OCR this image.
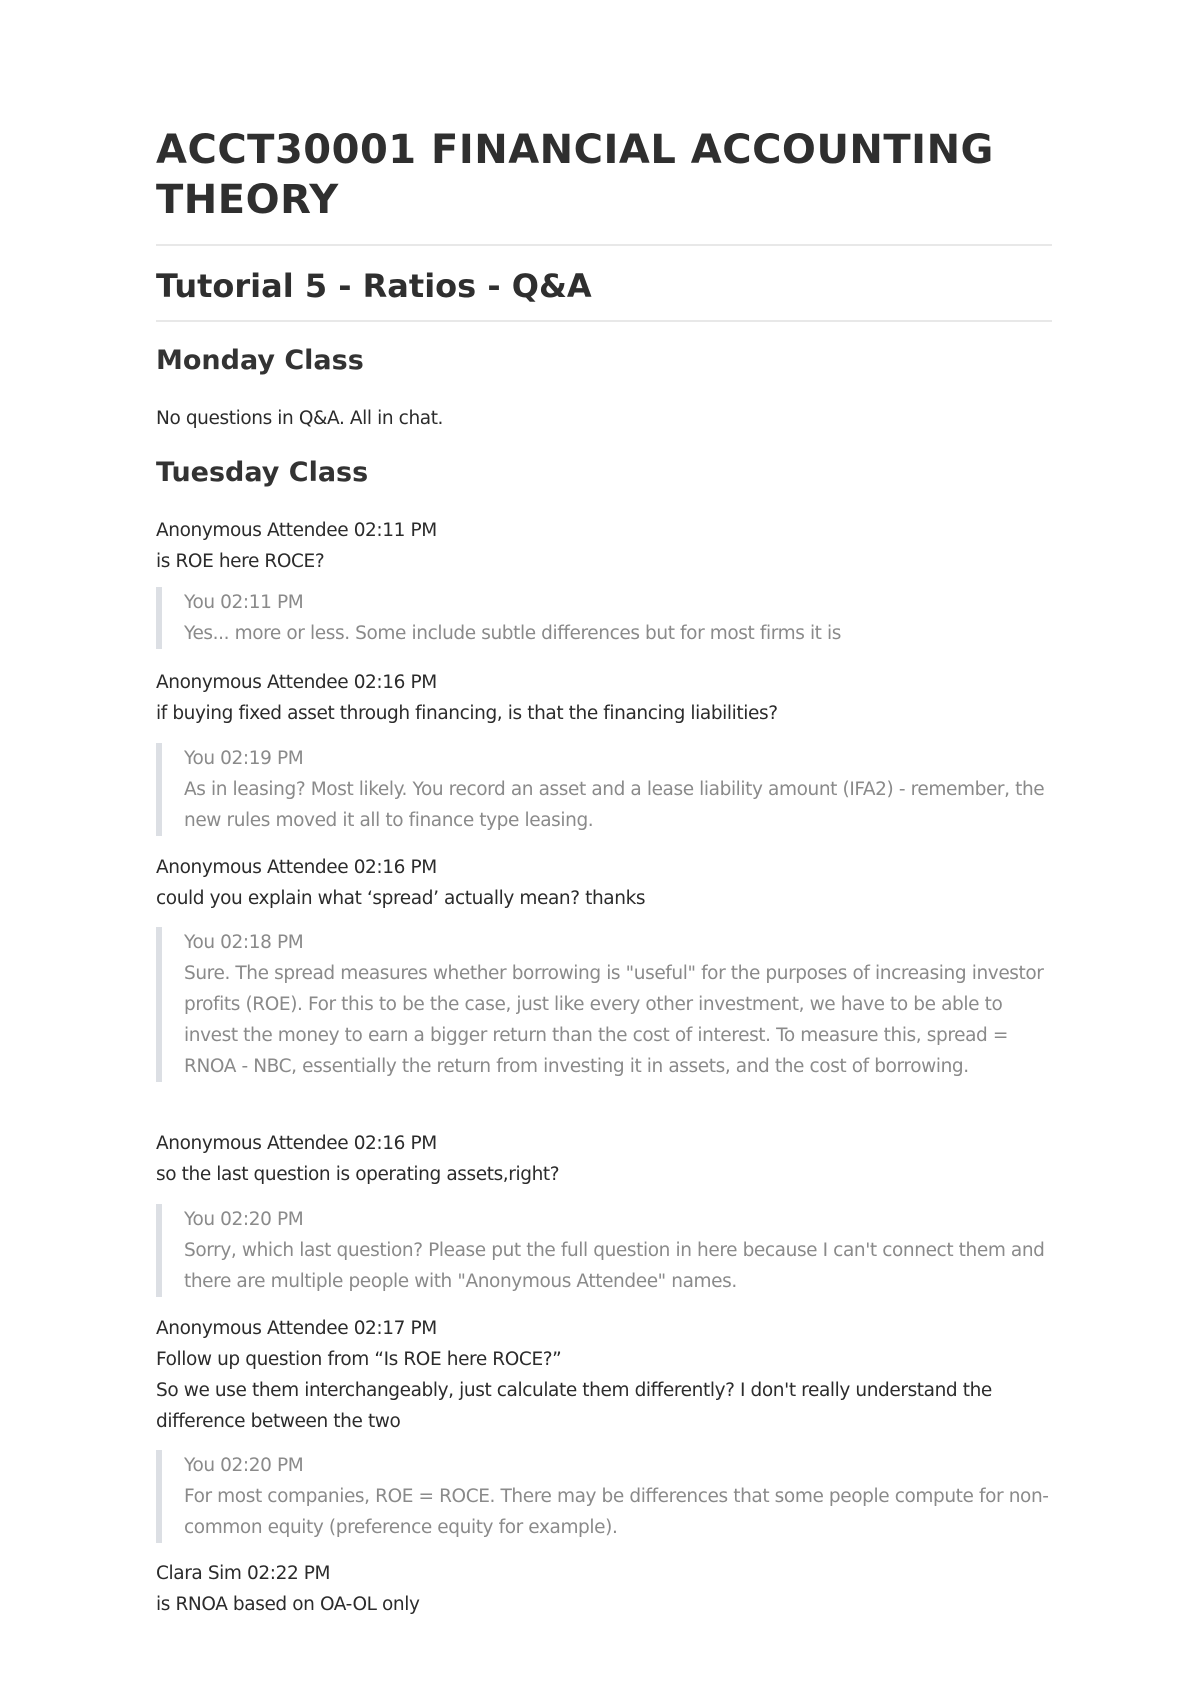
ACCT30001 FINANCIAL ACCOUNTING THEORY
Tutorial 5 - Ratios - Q&A
Monday Class

No questions in Q&A. All in chat.

Tuesday Class

Anonymous Attendee 02:11 PM

is ROE here ROCE?

You 02:11 PM

Yes... more or less. Some include subtle differences but for most firms it is

Anonymous Attendee 02:16 PM

if buying fixed asset through financing, is that the financing liabilities?

You 02:19 PM

As in leasing? Most likely. You record an asset and a lease liability amount (IFA2) - remember, the new rules moved it all to finance type leasing.

Anonymous Attendee 02:16 PM

could you explain what ‘spread’ actually mean? thanks

You 02:18 PM

Sure. The spread measures whether borrowing is "useful" for the purposes of increasing investor profits (ROE). For this to be the case, just like every other investment, we have to be able to invest the money to earn a bigger return than the cost of interest. To measure this, spread = RNOA - NBC, essentially the return from investing it in assets, and the cost of borrowing.

Anonymous Attendee 02:16 PM

so the last question is operating assets,right?

You 02:20 PM

Sorry, which last question? Please put the full question in here because I can't connect them and there are multiple people with "Anonymous Attendee" names.

Anonymous Attendee 02:17 PM

Follow up question from “Is ROE here ROCE?”
So we use them interchangeably, just calculate them differently? I don't really understand the difference between the two

You 02:20 PM

For most companies, ROE = ROCE. There may be differences that some people compute for non-common equity (preference equity for example).

Clara Sim 02:22 PM

is RNOA based on OA-OL only
